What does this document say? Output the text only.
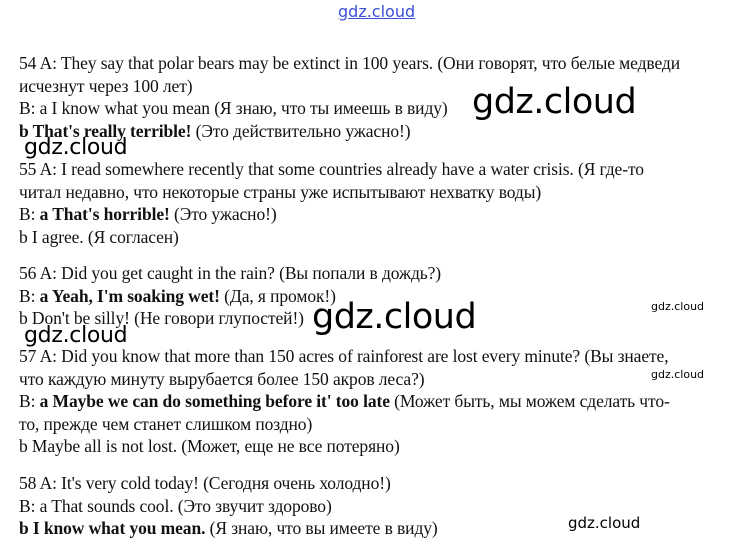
54 A: They say that polar bears may be extinct in 100 years. (Они говорят, что белые медведи
исчезнут через 100 лет)
B: a I know what you mean (Я знаю, что ты имеешь в виду)
b That's really terrible! (Это действительно ужасно!)
55 A: I read somewhere recently that some countries already have a water crisis. (Я где-то
читал недавно, что некоторые страны уже испытывают нехватку воды)
B: a That's horrible! (Это ужасно!)
b I agree. (Я согласен)
56 A: Did you get caught in the rain? (Вы попали в дождь?)
B: a Yeah, I'm soaking wet! (Да, я промок!)
b Don't be silly! (Не говори глупостей!)
57 A: Did you know that more than 150 acres of rainforest are lost every minute? (Вы знаете,
что каждую минуту вырубается более 150 акров леса?)
B: a Maybe we can do something before it' too late (Может быть, мы можем сделать что-
то, прежде чем станет слишком поздно)
b Maybe all is not lost. (Может, еще не все потеряно)
58 A: It's very cold today! (Сегодня очень холодно!)
B: a That sounds cool. (Это звучит здорово)
b I know what you mean. (Я знаю, что вы имеете в виду)
gdz.cloud
gdz.cloud
gdz.cloud
gdz.cloud	gdz.cloud
gdz.cloud
gdz.cloud
gdz.cloud
